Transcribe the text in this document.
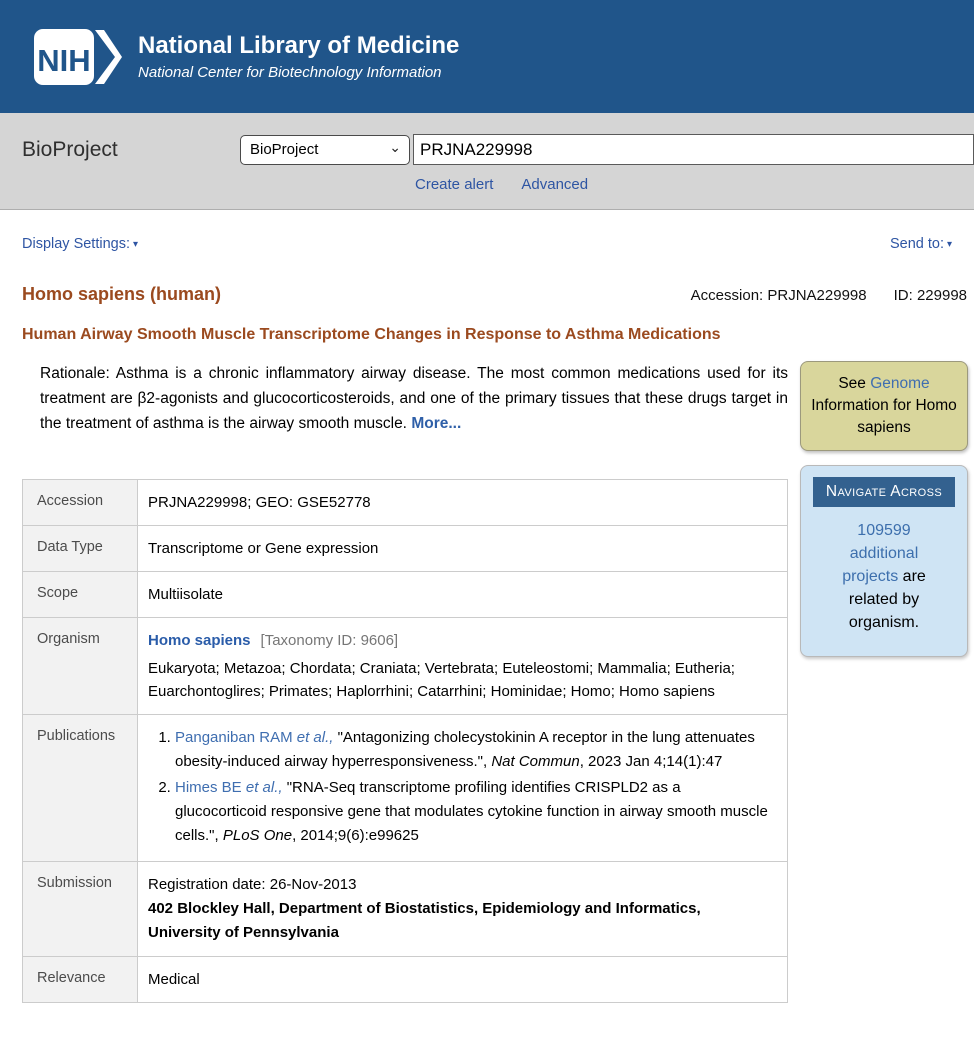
NIH National Library of Medicine
National Center for Biotechnology Information
BioProject
BioProject	⌄
PRJNA229998
Create alert Advanced
Display Settings: ▾	Send to: ▾
Homo sapiens (human)	Accession: PRJNA229998 ID: 229998
Human Airway Smooth Muscle Transcriptome Changes in Response to Asthma Medications

Rationale: Asthma is a chronic inflammatory airway disease. The most common medications used for its treatment are β2-agonists and glucocorticosteroids, and one of the primary tissues that these drugs target in the treatment of asthma is the airway smooth muscle. More...

Accession	PRJNA229998; GEO: GSE52778
Data Type	Transcriptome or Gene expression
Scope	Multiisolate
Organism	Homo sapiens [Taxonomy ID: 9606]
Eukaryota; Metazoa; Chordata; Craniata; Vertebrata; Euteleostomi; Mammalia; Eutheria; Euarchontoglires; Primates; Haplorrhini; Catarrhini; Hominidae; Homo; Homo sapiens

Publications	
1.Panganiban RAM et al., "Antagonizing cholecystokinin A receptor in the lung attenuates obesity-induced airway hyperresponsiveness.", Nat Commun, 2023 Jan 4;14(1):47
2. Himes BE et al., "RNA-Seq transcriptome profiling identifies CRISPLD2 as a glucocorticoid responsive gene that modulates cytokine function in airway smooth muscle cells.", PLoS One, 2014;9(6):e99625

Submission	Registration date: 26-Nov-2013
402 Blockley Hall, Department of Biostatistics, Epidemiology and Informatics, University of Pennsylvania

Relevance	Medical
See Genome Information for Homo sapiens
Navigate Across
109599 additional projects are related by organism.
